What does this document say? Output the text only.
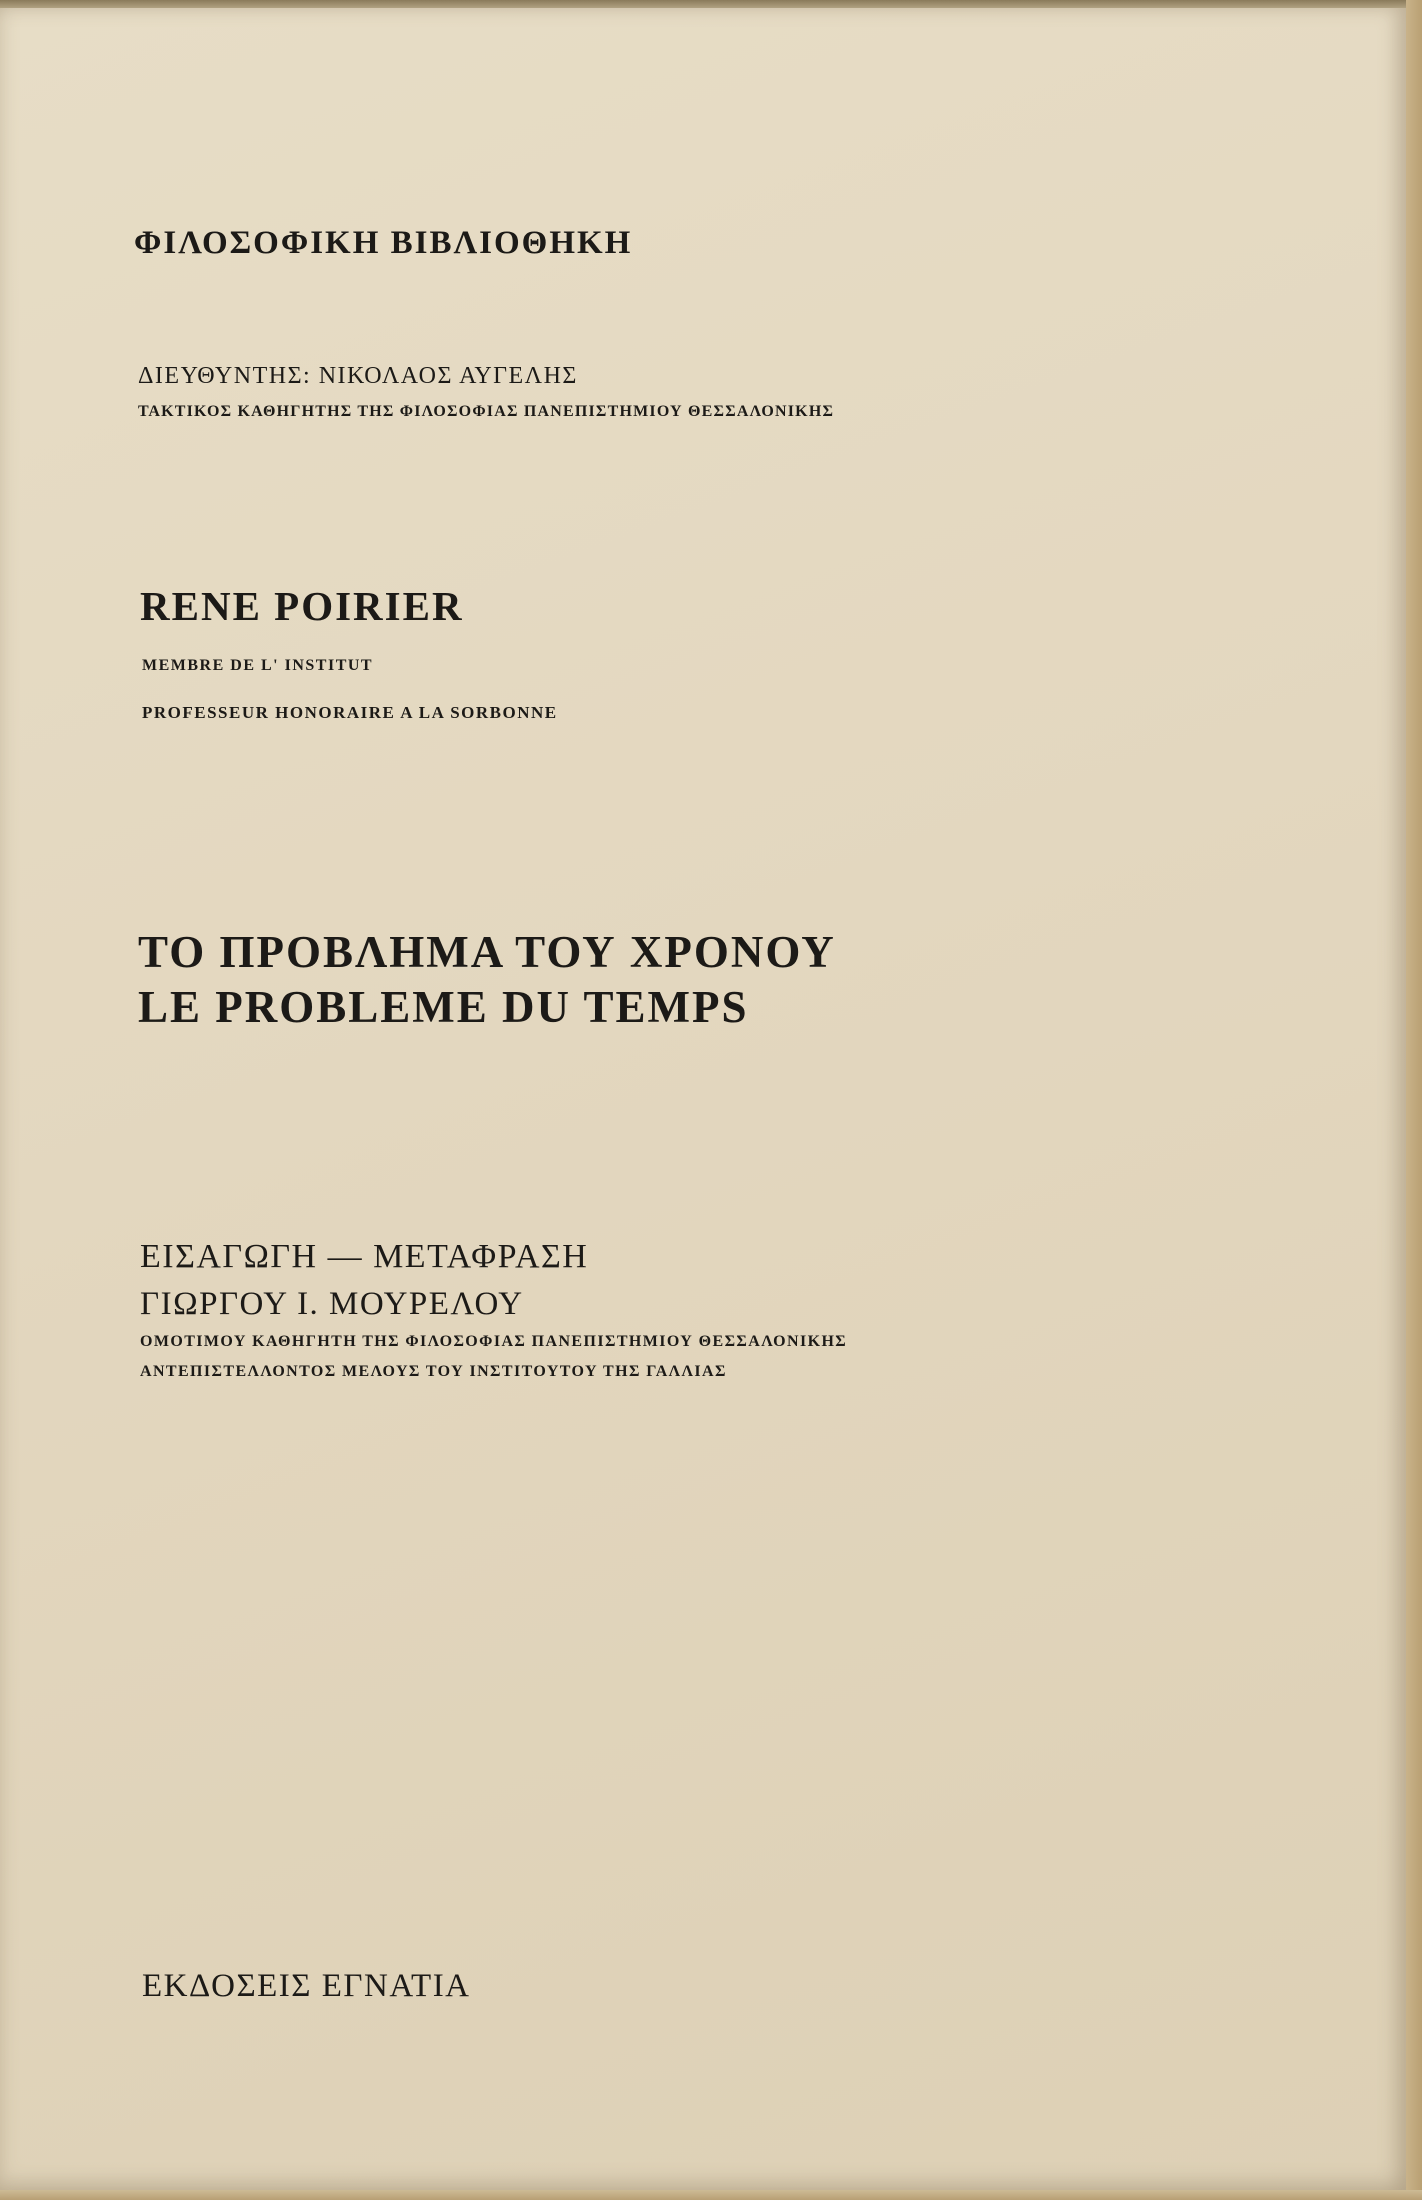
ΦΙΛΟΣΟΦΙΚΗ ΒΙΒΛΙΟΘΗΚΗ

ΔΙΕΥΘΥΝΤΗΣ: ΝΙΚΟΛΑΟΣ ΑΥΓΕΛΗΣ

ΤΑΚΤΙΚΟΣ ΚΑΘΗΓΗΤΗΣ ΤΗΣ ΦΙΛΟΣΟΦΙΑΣ ΠΑΝΕΠΙΣΤΗΜΙΟΥ ΘΕΣΣΑΛΟΝΙΚΗΣ

RENE POIRIER

MEMBRE DE L' INSTITUT

PROFESSEUR HONORAIRE A LA SORBONNE

ΤΟ ΠΡΟΒΛΗΜΑ ΤΟΥ ΧΡΟΝΟΥ

LE PROBLEME DU TEMPS

ΕΙΣΑΓΩΓΗ — ΜΕΤΑΦΡΑΣΗ

ΓΙΩΡΓΟΥ Ι. ΜΟΥΡΕΛΟΥ

ΟΜΟΤΙΜΟΥ ΚΑΘΗΓΗΤΗ ΤΗΣ ΦΙΛΟΣΟΦΙΑΣ ΠΑΝΕΠΙΣΤΗΜΙΟΥ ΘΕΣΣΑΛΟΝΙΚΗΣ

ΑΝΤΕΠΙΣΤΕΛΛΟΝΤΟΣ ΜΕΛΟΥΣ ΤΟΥ ΙΝΣΤΙΤΟΥΤΟΥ ΤΗΣ ΓΑΛΛΙΑΣ

ΕΚΔΟΣΕΙΣ ΕΓΝΑΤΙΑ
